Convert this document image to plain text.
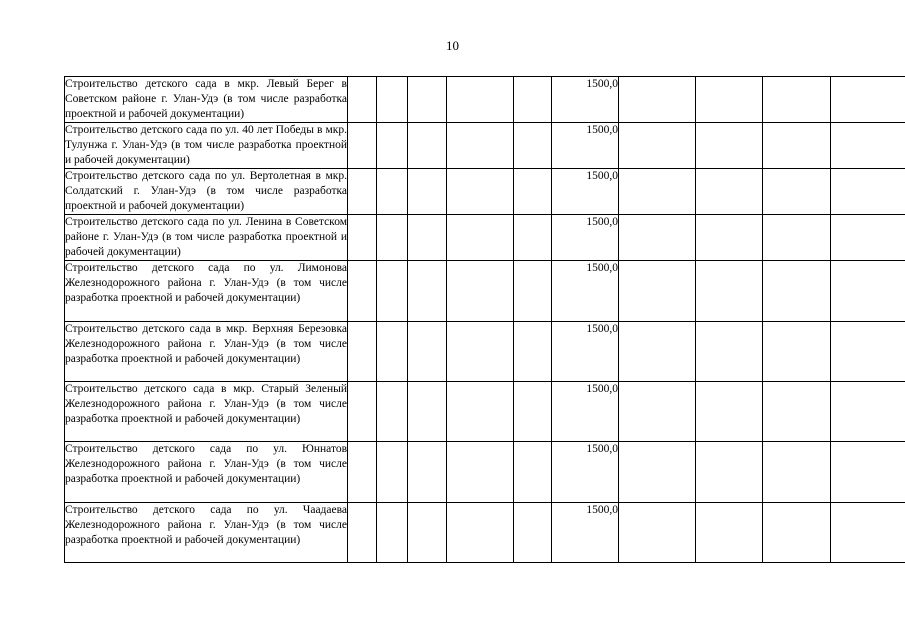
10
Строительство детского сада в мкр. Левый Берег в Советском районе г. Улан-Удэ (в том числе разработка проектной и рабочей документации)						1500,0				
Строительство детского сада по ул. 40 лет Победы в мкр. Тулунжа г. Улан-Удэ (в том числе разработка проектной и рабочей документации)						1500,0				
Строительство детского сада по ул. Вертолетная в мкр. Солдатский г. Улан-Удэ (в том числе разработка проектной и рабочей документации)						1500,0				
Строительство детского сада по ул. Ленина в Советском районе г. Улан-Удэ (в том числе разработка проектной и рабочей документации)						1500,0				
Строительство детского сада по ул. Лимонова Железнодорожного района г. Улан-Удэ (в том числе разработка проектной и рабочей документации)						1500,0				
Строительство детского сада в мкр. Верхняя Березовка Железнодорожного района г. Улан-Удэ (в том числе разработка проектной и рабочей документации)						1500,0				
Строительство детского сада в мкр. Старый Зеленый Железнодорожного района г. Улан-Удэ (в том числе разработка проектной и рабочей документации)						1500,0				
Строительство детского сада по ул. Юннатов Железнодорожного района г. Улан-Удэ (в том числе разработка проектной и рабочей документации)						1500,0				
Строительство детского сада по ул. Чаадаева Железнодорожного района г. Улан-Удэ (в том числе разработка проектной и рабочей документации)						1500,0				
